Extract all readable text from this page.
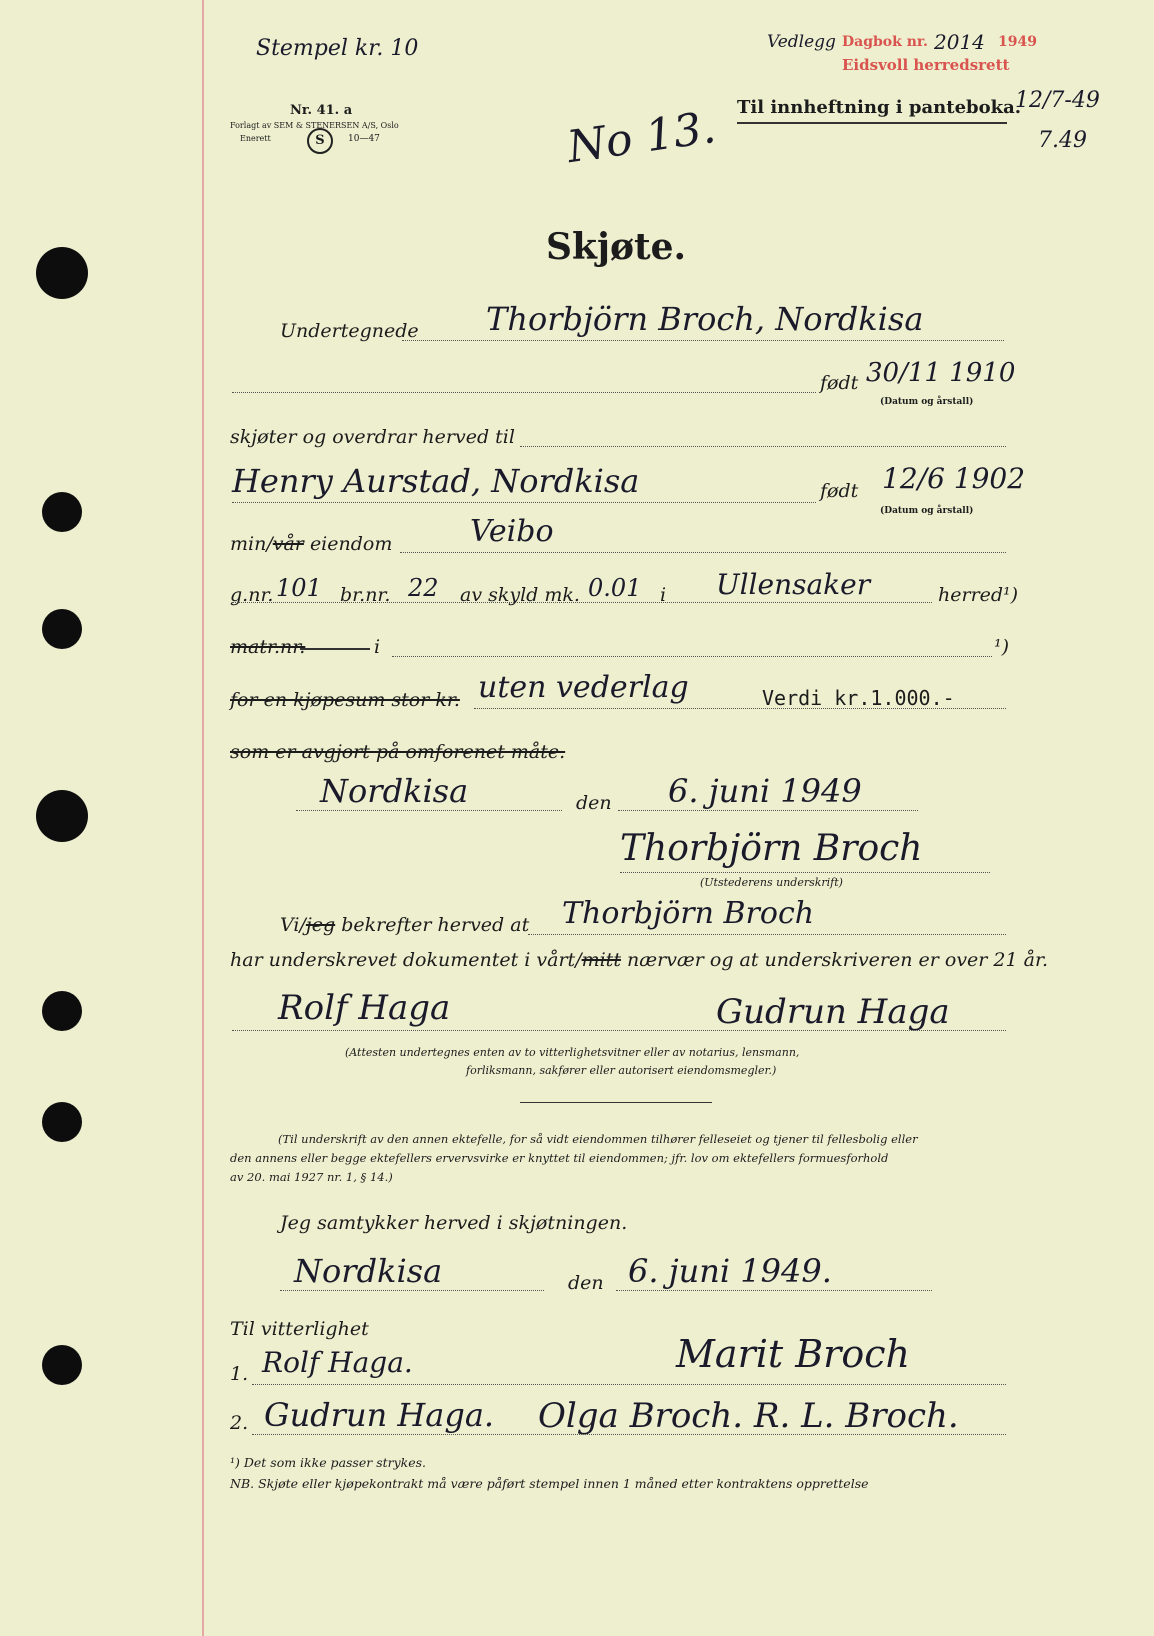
Stempel kr. 10
Nr. 41. a
Forlagt av SEM & STENERSEN A/S, Oslo
Enerett	S	10—47	No 13.
Vedlegg Dagbok nr. 2014 1949
Eidsvoll herredsrett
Til innheftning i panteboka.
12/7-49
7.49
Skjøte.
Undertegnede Thorbjörn Broch, Nordkisa
født 30/11 1910
(Datum og årstall)
skjøter og overdrar herved til
Henry Aurstad, Nordkisa	født 12/6 1902
(Datum og årstall)
min/vår eiendom	Veibo
g.nr. 101 br.nr. 22 av skyld mk. 0.01 i Ullensaker	herred¹)
matr.nr.	i	¹)
for en kjøpesum stor kr. uten vederlag	Verdi kr.1.000.-
som er avgjort på omforenet måte.
Nordkisa	den 6. juni 1949
Thorbjörn Broch
(Utstederens underskrift)
Vi/jeg bekrefter herved at Thorbjörn Broch
har underskrevet dokumentet i vårt/mitt nærvær og at underskriveren er over 21 år.
Rolf Haga	Gudrun Haga
(Attesten undertegnes enten av to vitterlighetsvitner eller av notarius, lensmann,
forliksmann, sakfører eller autorisert eiendomsmegler.)
(Til underskrift av den annen ektefelle, for så vidt eiendommen tilhører felleseiet og tjener til fellesbolig eller
den annens eller begge ektefellers ervervsvirke er knyttet til eiendommen; jfr. lov om ektefellers formuesforhold
av 20. mai 1927 nr. 1, § 14.)
Jeg samtykker herved i skjøtningen.
Nordkisa	den 6. juni 1949.
Til vitterlighet
1. Rolf Haga.	Marit Broch
2. Gudrun Haga. Olga Broch. R. L. Broch.
¹) Det som ikke passer strykes.
NB. Skjøte eller kjøpekontrakt må være påført stempel innen 1 måned etter kontraktens opprettelse
